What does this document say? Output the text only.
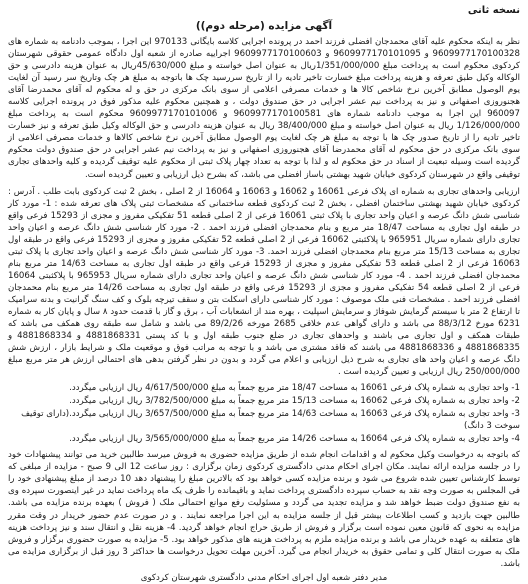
نسخه ثانی
آگهی مزایده (مرحله دوم))

نظر به اینکه محکوم علیه آقای محمدجان افضلی فرزند احمد در پرونده اجرایی کلاسه بایگانی 970133 این اجرا ، بموجب دادنامه به شماره های 9609977170100328 و 9609977170101095 و 9609977170100603 اجراییه صادره از شعبه اول دادگاه عمومی حقوقی شهرستان کردکوی محکوم است به پرداخت مبلغ 1/351/000/000ریال به عنوان اصل خواسته و مبلغ 45/630/000ریال به عنوان هزینه دادرسی و حق الوکاله وکیل طبق تعرفه و هزینه پرداخت مبلغ خسارت تاخیر تادیه را از تاریخ سررسید چک ها باتوجه به مبلغ هر چک وتاریخ سر رسید آن لغایت یوم الوصول مطابق آخرین نرخ شاخص کالا ها و خدمات مصرفی اعلامی از سوی بانک مرکزی در حق و له محکوم له آقای محمدرضا آقای هجنوروزی اصفهانی و نیز به پرداخت نیم عشر اجرایی در حق صندوق دولت ، و همچنین محکوم علیه مذکور فوق در پرونده اجرایی کلاسه 960097 این اجرا به موجب دادنامه شماره های 9609977170100581 و 9609977170101006 محکوم است به پرداخت مبلغ 1/126/000/000 ریال به عنوان اصل خواسته و مبلغ 38/400/000 ریال به عنوان هزینه دادرسی و حق الوکاله وکیل طبق تعرفه و نیز خسارت تاخیر تادیه را از تاریخ صدور چک ها با توجه به مبلغ هر چک لغایت یوم الوصول مطابق آخرین نرخ شاخص کالاها و خدمات مصرفی اعلامی از سوی بانک مرکزی در حق محکوم له آقای محمدرضا آقای هجنوروزی اصفهانی و نیز به پرداخت نیم عشر اجرایی در حق صندوق دولت محکوم گردیده است وسیله تبعیت از اسناد در حق محکوم له و لذا با توجه به تعداد چهار پلاک ثبتی از محکوم علیه توقیف گردیده و کلیه واحدهای تجاری توقیفی واقع در شهرستان کردکوی خیابان شهید بهشتی باساز افضلی می باشد، که بشرح ذیل ارزیابی و تعیین گردیده است.

ارزیابی واحدهای تجاری به شماره ای پلاک فرعی 16061 و 16062 و 16063 و 16064 از 2 اصلی ، بخش 2 ثبت کردکوی بابت طلب . آدرس : کردکوی خیابان شهید بهشتی ساختمان افضلی ، بخش 2 ثبت کردکوی قطعه ساختمانی که مشخصات ثبتی پلاک های تعرفه شده : 1- مورد کار شناسی شش دانگ عرصه و اعیان واحد تجاری با پلاک ثبتی 16061 فرعی از 2 اصلی قطعه 51 تفکیکی مفروز و مجزی از 15293 فرعی واقع در طبقه اول تجاری به مساحت 18/47 متر مربع و بنام محمدجان افضلی فرزند احمد . 2- مورد کار شناسی شش دانگ عرصه و اعیان واحد تجاری دارای شماره سریال 965951 با پلاکثبتی 16062 فرعی از 2 اصلی قطعه 52 تفکیکی مفروز و مجزی از 15293 فرعی واقع در طبقه اول تجاری به مساحت 15/13 متر مربع بنام محمدجان افضلی فرزند احمد. 3- مورد کار شناسی شش دانگ عرصه و اعیان واحد تجاری با پلاک ثبتی 16063 فرعی از 2 اصلی قطعه 53 تفکیکی مفروز و مجزی از 15293 فرعی واقع در طبقه اول تجاری به مساحت 14/63 متر مربع بنام محمدجان افضلی فرزند احمد . 4- مورد کار شناسی شش دانگ عرصه و اعیان واحد تجاری دارای شماره سریال 965953 با پلاکثبتی 16064 فرعی از 2 اصلی قطعه 54 تفکیکی مفروز و مجزی از 15293 فرعی واقع در طبقه اول تجاری به مساحت 14/26 متر مربع بنام محمدجان افضلی فرزند احمد . مشخصات فنی ملک موصوف : مورد کار شناسی دارای اسکلت بتن و سقف تیرچه بلوک و کف سنگ گرانیت و بدنه سرامیک تا ارتفاع 2 متر با سیستم گرمایش شوفاژ و سرمایش اسپلیت ، بهره مند از انشعابات آب ، برق و گاز با قدمت حدود ۸ سال و پایان کار به شماره 6231 مورخ 88/3/12 می باشد و دارای گواهی عدم خلافی 2685 مورخه 89/2/26 می باشد و شامل سه طبقه روی همکف می باشد که طبقات همکف و اول تجاری می باشند و واحدهای تجاری در ضلع جنوب طبقه اول و با کد پستی 4881868331 و 4881868334 و 4881868335 و 4881868336 می باشند که فاقد مشتری می باشد و با توجه به مراتب فوق و موقعیت ملک و شرایط بازار ، ارزش شش دانگ عرصه و اعیان واحد های تجاری به شرح ذیل ارزیابی و اعلام می گردد و بدون در نظر گرفتن بدهی های احتمالی ارزش هر متر مربع مبلغ 250/000/000 ریال ارزیابی و تعیین گردیده است .

1- واحد تجاری به شماره پلاک فرعی 16061 به مساحت 18/47 متر مربع جمعاً به مبلغ 4/617/500/000 ریال ارزیابی میگردد.
2- واحد تجاری به شماره پلاک فرعی 16062 به مساحت 15/13 متر مربع جمعاً به مبلغ 3/782/500/000 ریال ارزیابی میگردد.
3- واحد تجاری به شماره پلاک فرعی 16063 به مساحت 14/63 متر مربع جمعاً به مبلغ 3/657/500/000 ریال ارزیابی میگردد.(دارای توقیف سوخت 3 دانگ)
4- واحد تجاری به شماره پلاک فرعی 16064 به مساحت 14/26 متر مربع جمعاً به مبلغ 3/565/000/000 ریال ارزیابی میگردد.

که باتوجه به درخواست وکیل محکوم له و اقدامات انجام شده از طریق مزایده حضوری به فروش میرسد طالبین خرید می توانند پیشنهادات خود را در جلسه مزایده ارائه نمایند. مکان اجرای احکام مدنی دادگستری کردکوی زمان برگزاری : روز ساعت 12 الی 9 صبح - مزایده از مبلغی که توسط کارشناس تعیین شده شروع می شود و برنده مزایده کسی خواهد بود که بالاترین مبلغ را پیشنهاد دهد 10 درصد از مبلغ پیشنهادی خود را فی المجلس به صورت وجه نقد به حساب سپرده دادگستری پرداخت نماید و باقیمانده را ظرف یک ماه پرداخت نماید در غیر اینصورت سپرده وی به نفع صندوق دولت ضبط خواهد شد و مزایده تجدید می گردد و مسئولیت رفع موانع احتمالی ملک ( فروش ) بعهده برنده مزایده می باشد. طالبین جهت بازدید و کسب اطلاعات بیشتر قبل از جلسه مزایده به این اجرا مراجعه نمایند . و در صورت عدم حضور خریدار در وقت مقرر مزایده به نحوی که قانون معین نموده است برگزار و فروش از طریق حراج انجام خواهد گردید. 4- هزینه نقل و انتقال سند و نیز پرداخت هزینه های متعلقه به عهده خریدار می باشد و برنده مزایده ملزم به پرداخت هزینه های مذکور خواهد بود. 5- مزایده به صورت حضوری برگزار و فروش ملک به صورت انتقال کلی و تمامی حقوق به خریدار انجام می گیرد. آخرین مهلت تحویل درخواست ها حداکثر 3 روز قبل از برگزاری مزایده می باشد.

مدیر دفتر شعبه اول اجرای احکام مدنی دادگستری شهرستان کردکوی
